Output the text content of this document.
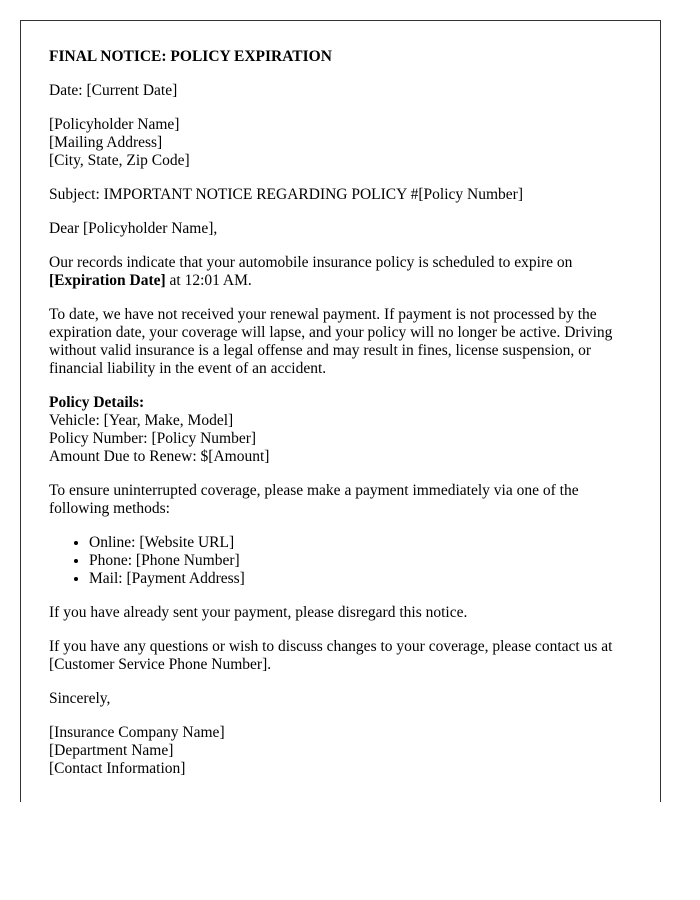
FINAL NOTICE: POLICY EXPIRATION

Date: [Current Date]

[Policyholder Name]
[Mailing Address]
[City, State, Zip Code]

Subject: IMPORTANT NOTICE REGARDING POLICY #[Policy Number]

Dear [Policyholder Name],

Our records indicate that your automobile insurance policy is scheduled to expire on [Expiration Date] at 12:01 AM.

To date, we have not received your renewal payment. If payment is not processed by the expiration date, your coverage will lapse, and your policy will no longer be active. Driving without valid insurance is a legal offense and may result in fines, license suspension, or financial liability in the event of an accident.

Policy Details:
Vehicle: [Year, Make, Model]
Policy Number: [Policy Number]
Amount Due to Renew: $[Amount]

To ensure uninterrupted coverage, please make a payment immediately via one of the following methods:

• Online: [Website URL]
• Phone: [Phone Number]
• Mail: [Payment Address]

If you have already sent your payment, please disregard this notice.

If you have any questions or wish to discuss changes to your coverage, please contact us at [Customer Service Phone Number].

Sincerely,

[Insurance Company Name]
[Department Name]
[Contact Information]
